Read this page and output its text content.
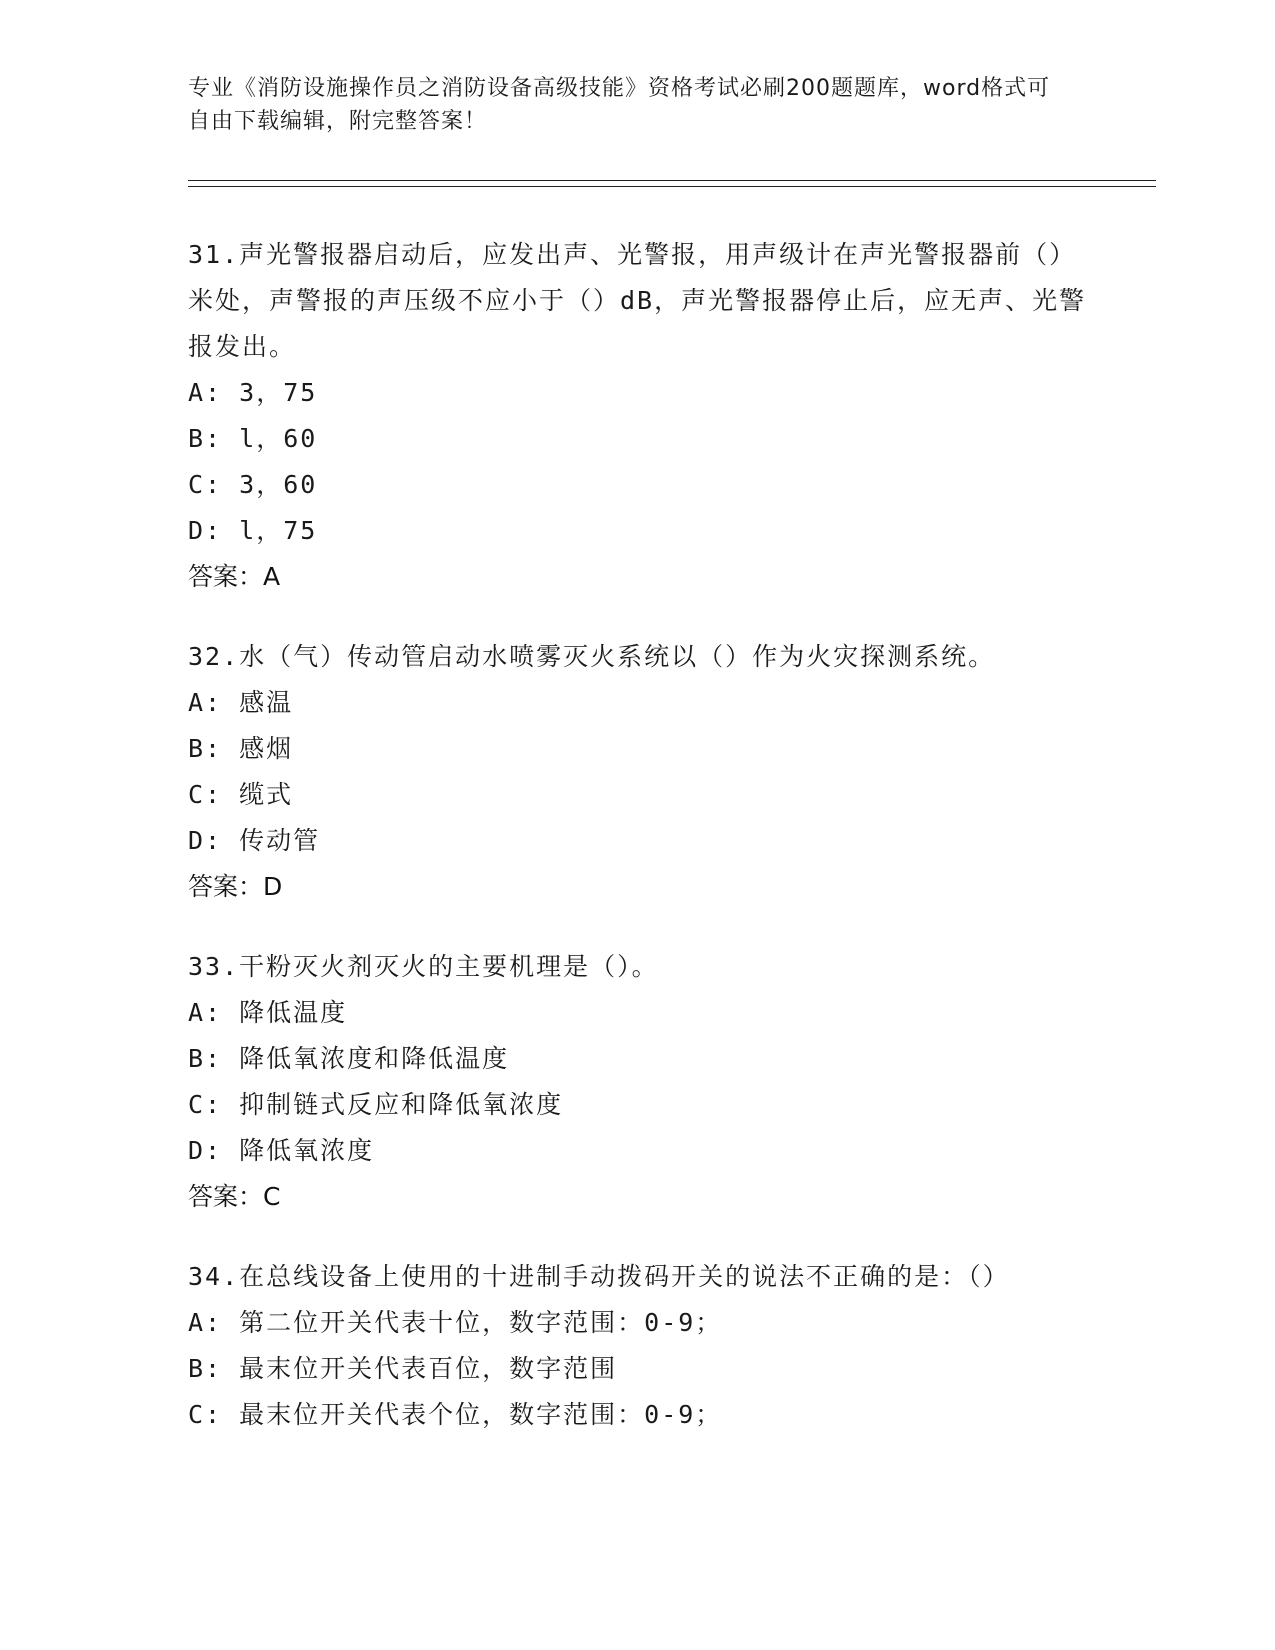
专业《消防设施操作员之消防设备高级技能》资格考试必刷200题题库，word格式可自由下载编辑，附完整答案！

31.声光警报器启动后，应发出声、光警报，用声级计在声光警报器前（）米处，声警报的声压级不应小于（）dB，声光警报器停止后，应无声、光警报发出。

A: 3，75

B: l，60

C: 3，60

D: l，75

答案：A

32.水（气）传动管启动水喷雾灭火系统以（）作为火灾探测系统。

A: 感温

B: 感烟

C: 缆式

D: 传动管

答案：D

33.干粉灭火剂灭火的主要机理是（）。

A: 降低温度

B: 降低氧浓度和降低温度

C: 抑制链式反应和降低氧浓度

D: 降低氧浓度

答案：C

34.在总线设备上使用的十进制手动拨码开关的说法不正确的是：（）

A: 第二位开关代表十位，数字范围：0-9；

B: 最末位开关代表百位，数字范围

C: 最末位开关代表个位，数字范围：0-9；
